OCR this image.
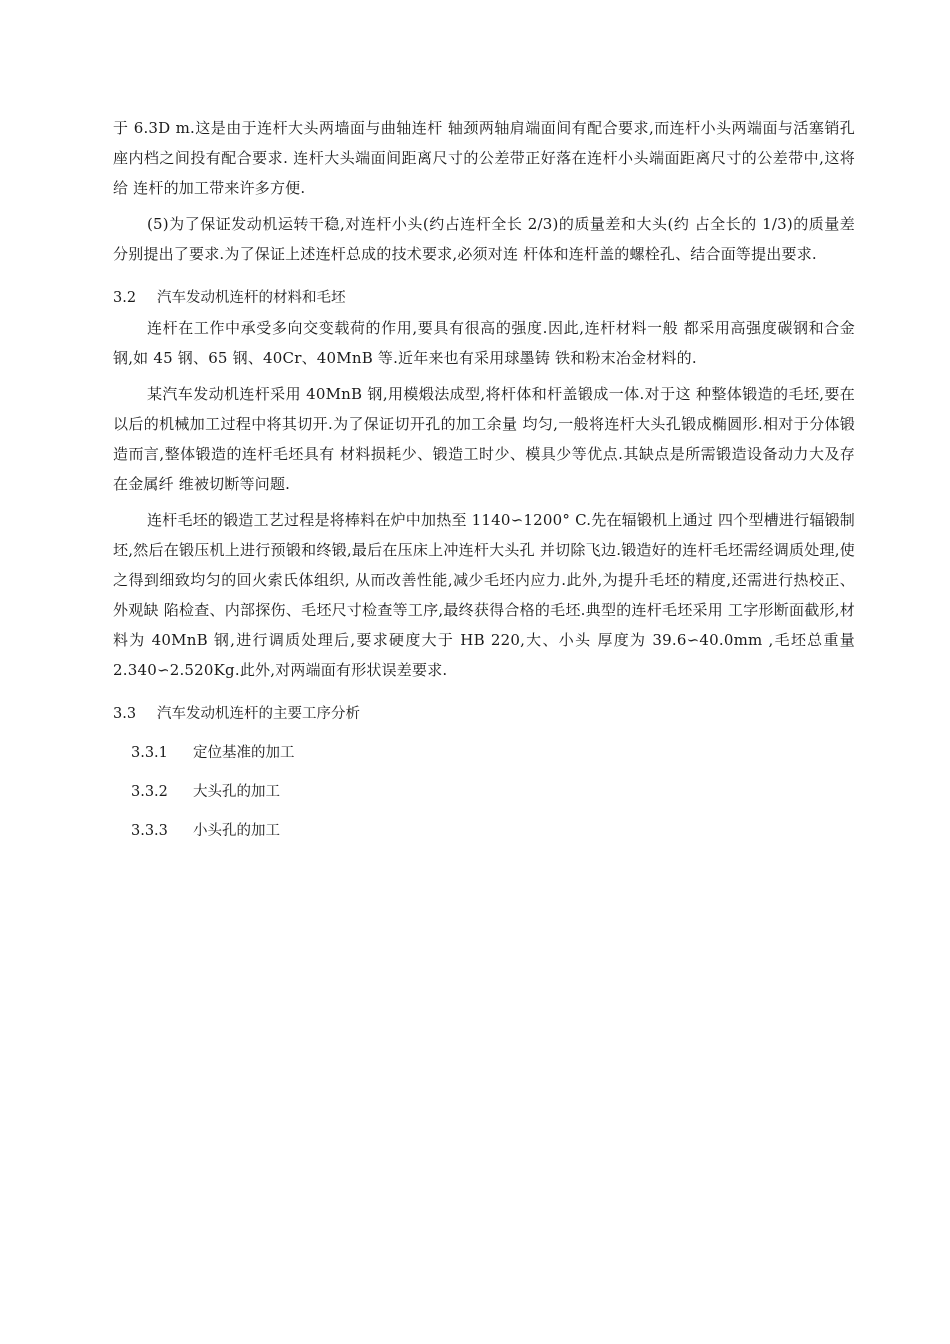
于 6.3D m.这是由于连杆大头两墙面与曲轴连杆 轴颈两轴肩端面间有配合要求,而连杆小头两端面与活塞销孔座内档之间投有配合要求. 连杆大头端面间距离尺寸的公差带正好落在连杆小头端面距离尺寸的公差带中,这将给 连杆的加工带来许多方便.

(5)为了保证发动机运转干稳,对连杆小头(约占连杆全长 2/3)的质量差和大头(约 占全长的 1/3)的质量差分别提出了要求.为了保证上述连杆总成的技术要求,必须对连 杆体和连杆盖的螺栓孔、结合面等提出要求.

3.2 汽车发动机连杆的材料和毛坯

连杆在工作中承受多向交变载荷的作用,要具有很高的强度.因此,连杆材料一般 都采用高强度碳钢和合金钢,如 45 钢、65 钢、40Cr、40MnB 等.近年来也有采用球墨铸 铁和粉末冶金材料的.

某汽车发动机连杆采用 40MnB 钢,用模煅法成型,将杆体和杆盖锻成一体.对于这 种整体锻造的毛坯,要在以后的机械加工过程中将其切开.为了保证切开孔的加工余量 均匀,一般将连杆大头孔锻成椭圆形.相对于分体锻造而言,整体锻造的连杆毛坯具有 材料损耗少、锻造工时少、模具少等优点.其缺点是所需锻造设备动力大及存在金属纤 维被切断等问题.

连杆毛坯的锻造工艺过程是将棒料在炉中加热至 1140∽1200° C.先在辐锻机上通过 四个型槽进行辐锻制坯,然后在锻压机上进行预锻和终锻,最后在压床上冲连杆大头孔 并切除飞边.锻造好的连杆毛坯需经调质处理,使之得到细致均匀的回火索氏体组织, 从而改善性能,减少毛坯内应力.此外,为提升毛坯的精度,还需进行热校正、外观缺 陷检查、内部探伤、毛坯尺寸检查等工序,最终获得合格的毛坯.典型的连杆毛坯采用 工字形断面截形,材料为 40MnB 钢,进行调质处理后,要求硬度大于 HB 220,大、小头 厚度为 39.6∽40.0mm ,毛坯总重量 2.340∽2.520Kg.此外,对两端面有形状误差要求.

3.3 汽车发动机连杆的主要工序分析

3.3.1 定位基准的加工

3.3.2 大头孔的加工

3.3.3 小头孔的加工
